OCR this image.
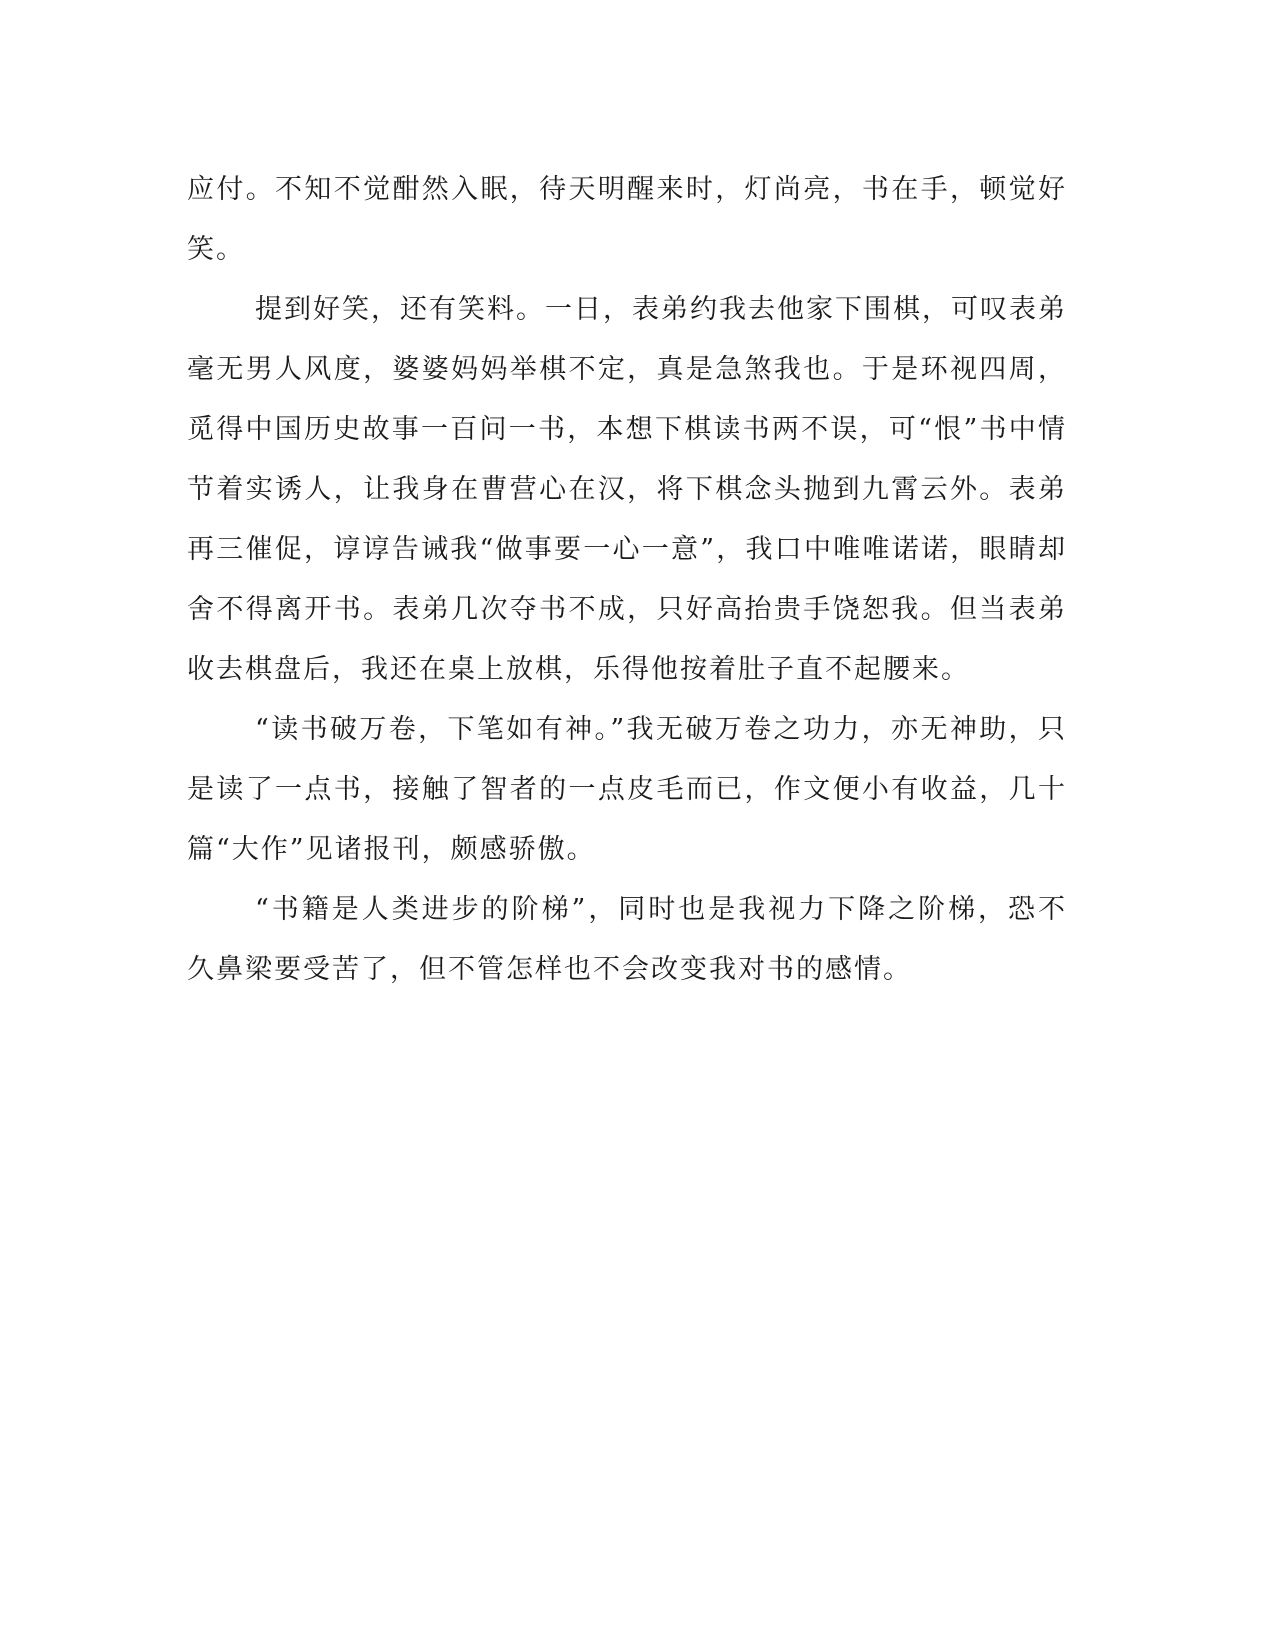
应付。不知不觉酣然入眠，待天明醒来时，灯尚亮，书在手，顿觉好笑。

提到好笑，还有笑料。一日，表弟约我去他家下围棋，可叹表弟毫无男人风度，婆婆妈妈举棋不定，真是急煞我也。于是环视四周，觅得中国历史故事一百问一书，本想下棋读书两不误，可“恨”书中情节着实诱人，让我身在曹营心在汉，将下棋念头抛到九霄云外。表弟再三催促，谆谆告诫我“做事要一心一意”，我口中唯唯诺诺，眼睛却舍不得离开书。表弟几次夺书不成，只好高抬贵手饶恕我。但当表弟收去棋盘后，我还在桌上放棋，乐得他按着肚子直不起腰来。

“读书破万卷，下笔如有神。”我无破万卷之功力，亦无神助，只是读了一点书，接触了智者的一点皮毛而已，作文便小有收益，几十篇“大作”见诸报刊，颇感骄傲。

“书籍是人类进步的阶梯”，同时也是我视力下降之阶梯，恐不久鼻梁要受苦了，但不管怎样也不会改变我对书的感情。
